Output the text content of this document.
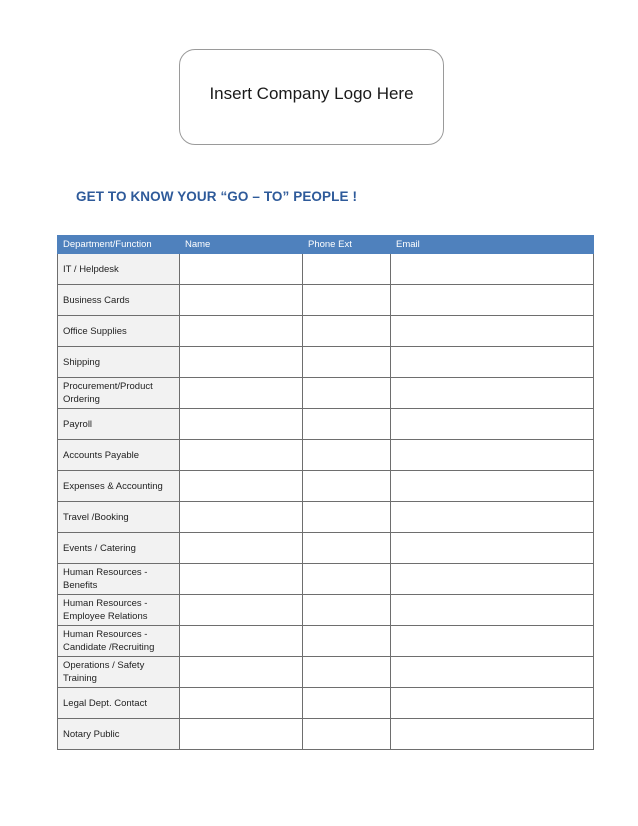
Insert Company Logo Here
GET TO KNOW YOUR “GO – TO” PEOPLE !
Department/Function	Name	Phone Ext	Email
IT / Helpdesk			
Business Cards			
Office Supplies			
Shipping			
Procurement/Product Ordering			
Payroll			
Accounts Payable			
Expenses & Accounting			
Travel /Booking			
Events / Catering			
Human Resources - Benefits			
Human Resources - Employee Relations			
Human Resources - Candidate /Recruiting			
Operations / Safety Training			
Legal Dept. Contact			
Notary Public			
